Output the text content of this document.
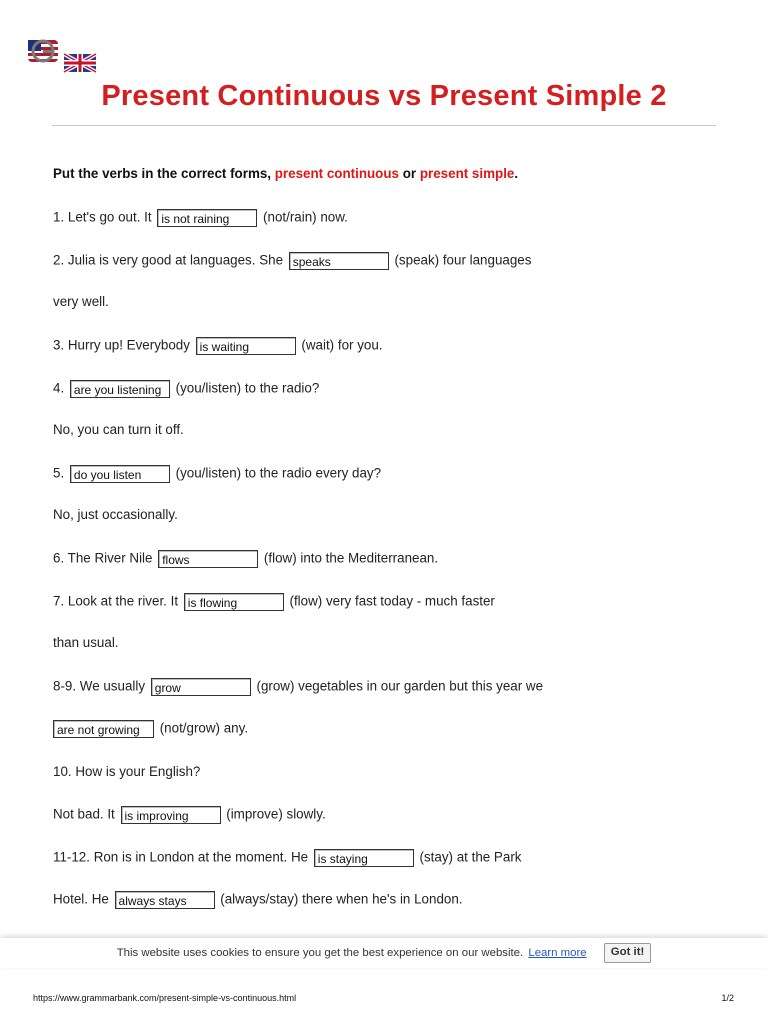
Present Continuous vs Present Simple 2
Put the verbs in the correct forms, present continuous or present simple.
1. Let's go out. It is not raining (not/rain) now.
2. Julia is very good at languages. She speaks	(speak) four languages
very well.
3. Hurry up! Everybody is waiting	(wait) for you.
4. are you listening (you/listen) to the radio?
No, you can turn it off.
5. do you listen (you/listen) to the radio every day?
No, just occasionally.
6. The River Nile flows	(flow) into the Mediterranean.
7. Look at the river. It is flowing	(flow) very fast today - much faster
than usual.
8-9. We usually grow	(grow) vegetables in our garden but this year we
are not growing (not/grow) any.
10. How is your English?
Not bad. It is improving	(improve) slowly.
11-12. Ron is in London at the moment. He is staying	(stay) at the Park
Hotel. He always stays (always/stay) there when he's in London.
This website uses cookies to ensure you get the best experience on our website. Learn more Got it!
https://www.grammarbank.com/present-simple-vs-continuous.html	1/2
